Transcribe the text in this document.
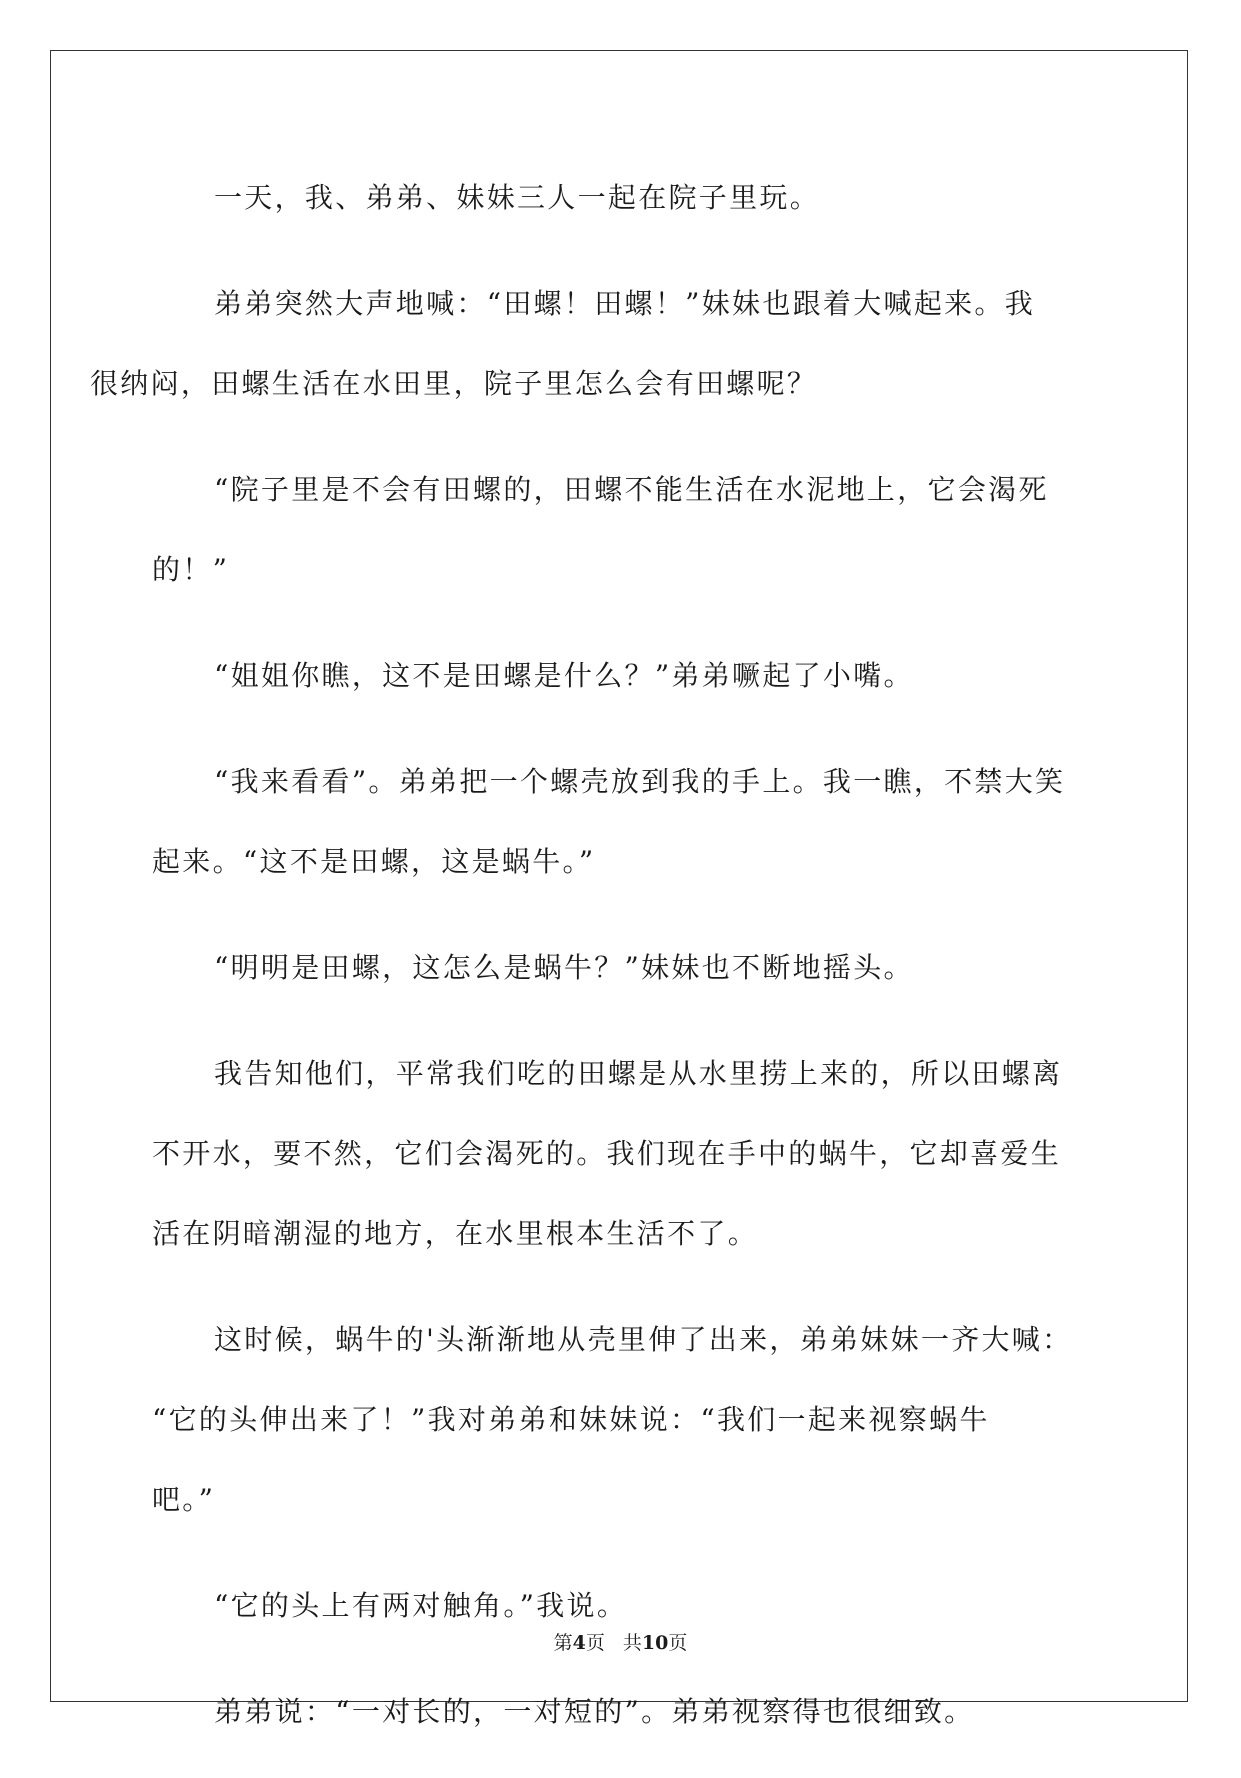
一天，我、弟弟、妹妹三人一起在院子里玩。
弟弟突然大声地喊：“田螺！田螺！”妹妹也跟着大喊起来。我
很纳闷，田螺生活在水田里，院子里怎么会有田螺呢？
“院子里是不会有田螺的，田螺不能生活在水泥地上，它会渴死
的！”
“姐姐你瞧，这不是田螺是什么？”弟弟噘起了小嘴。
“我来看看”。弟弟把一个螺壳放到我的手上。我一瞧，不禁大笑
起来。“这不是田螺，这是蜗牛。”
“明明是田螺，这怎么是蜗牛？”妹妹也不断地摇头。
我告知他们，平常我们吃的田螺是从水里捞上来的，所以田螺离
不开水，要不然，它们会渴死的。我们现在手中的蜗牛，它却喜爱生
活在阴暗潮湿的地方，在水里根本生活不了。
这时候，蜗牛的'头渐渐地从壳里伸了出来，弟弟妹妹一齐大喊：
“它的头伸出来了！”我对弟弟和妹妹说：“我们一起来视察蜗牛
吧。”
“它的头上有两对触角。”我说。
弟弟说：“一对长的，一对短的”。弟弟视察得也很细致。
第4页 共10页
